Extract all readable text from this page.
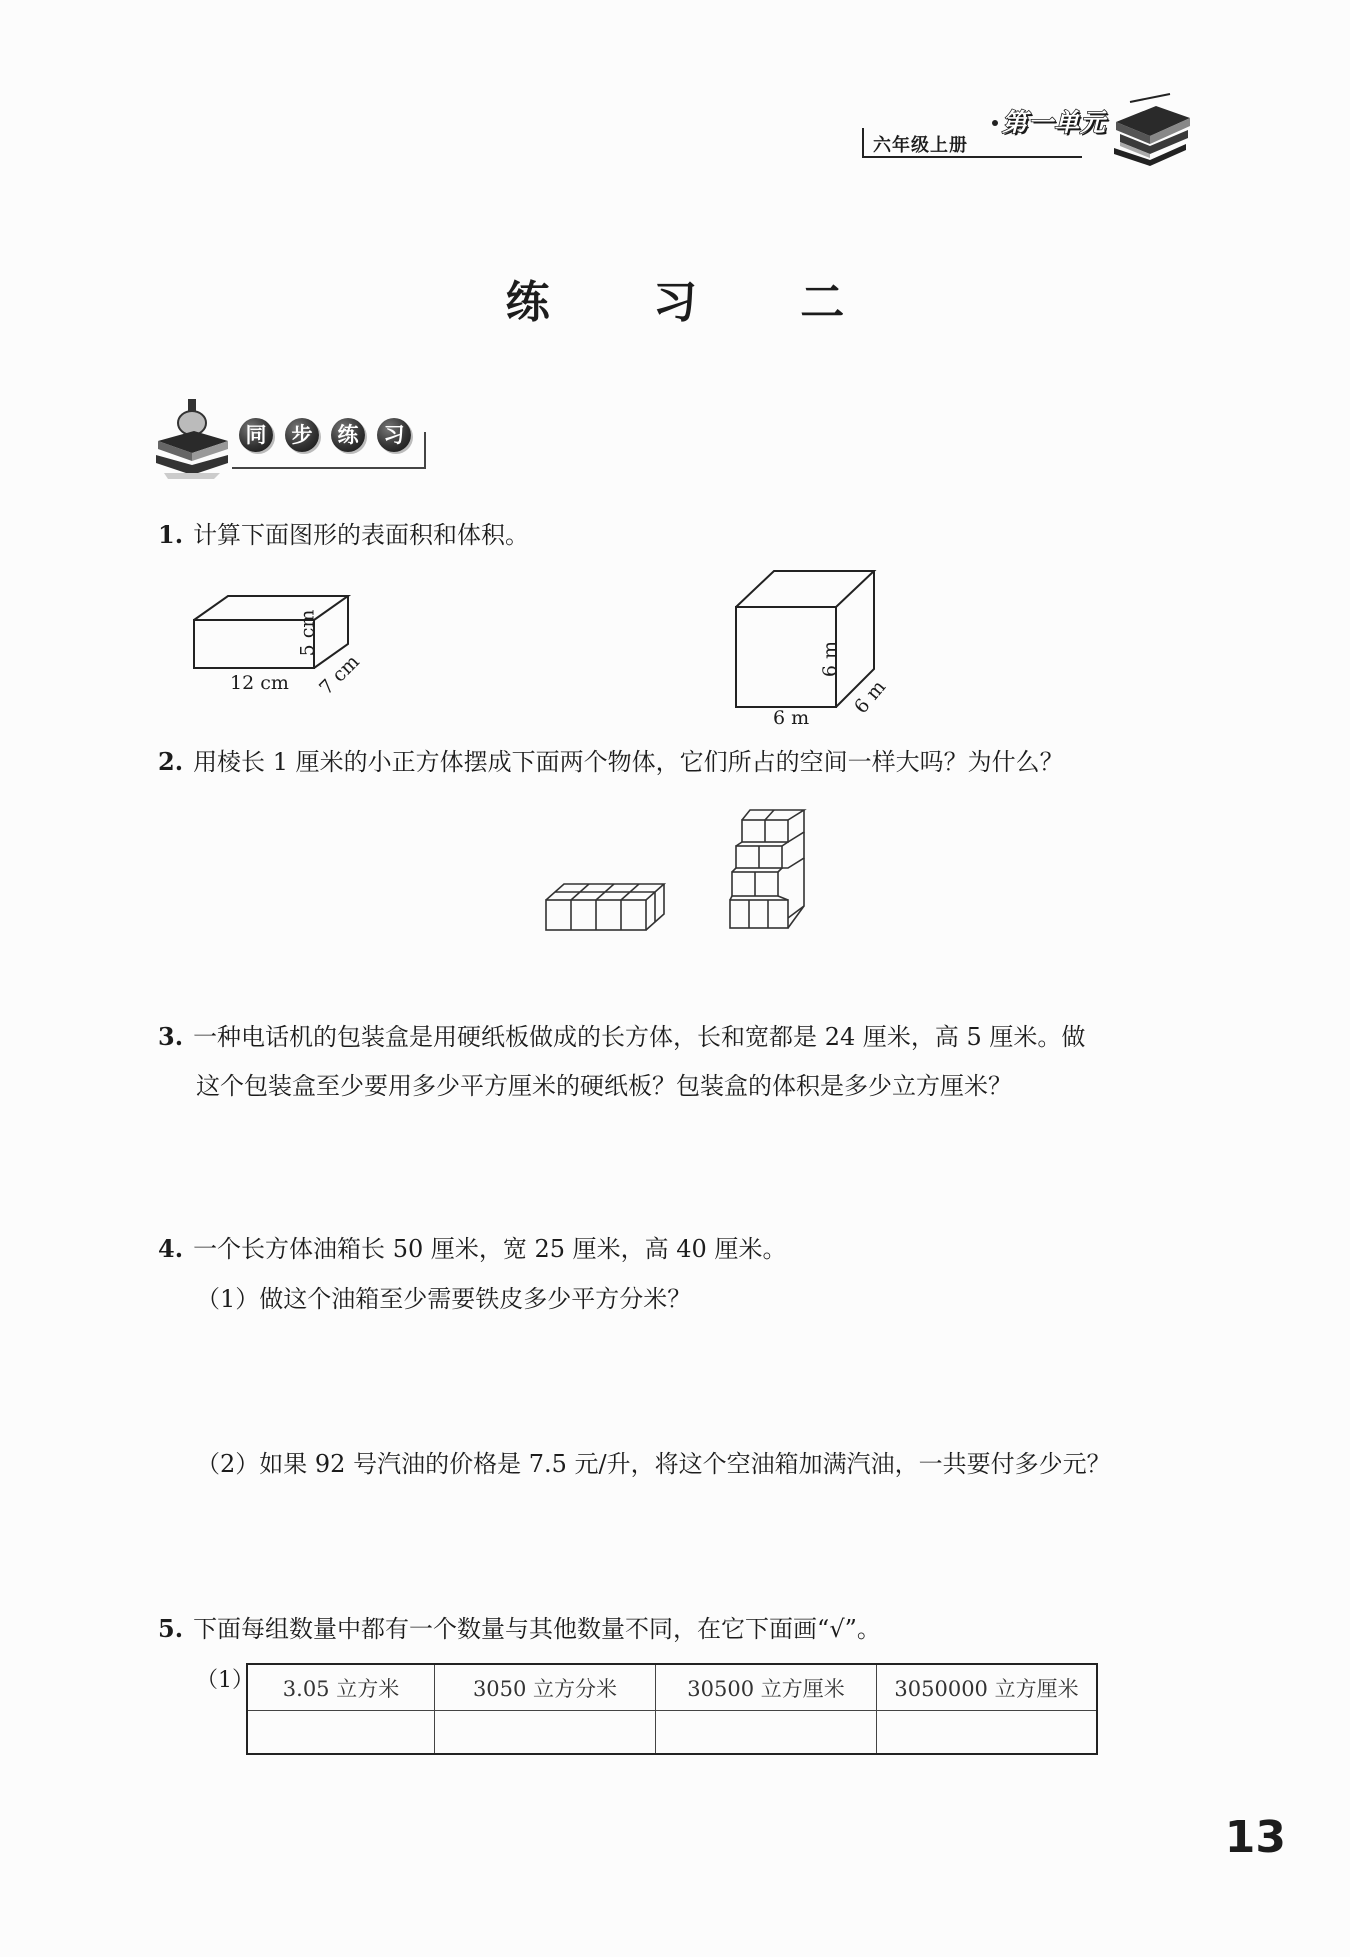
六年级上册
第一单元
练 习 二
同	步	练	习
1. 计算下面图形的表面积和体积。
12 cm
5 cm
7 cm
6 m
6 m
6 m
2. 用棱长 1 厘米的小正方体摆成下面两个物体，它们所占的空间一样大吗？为什么？
3. 一种电话机的包装盒是用硬纸板做成的长方体，长和宽都是 24 厘米，高 5 厘米。做
这个包装盒至少要用多少平方厘米的硬纸板？包装盒的体积是多少立方厘米？
4. 一个长方体油箱长 50 厘米，宽 25 厘米，高 40 厘米。
（1）做这个油箱至少需要铁皮多少平方分米？
（2）如果 92 号汽油的价格是 7.5 元/升，将这个空油箱加满汽油，一共要付多少元？
5. 下面每组数量中都有一个数量与其他数量不同，在它下面画“√”。
（1）	3.05 立方米	3050 立方分米	30500 立方厘米	3050000 立方厘米
13
